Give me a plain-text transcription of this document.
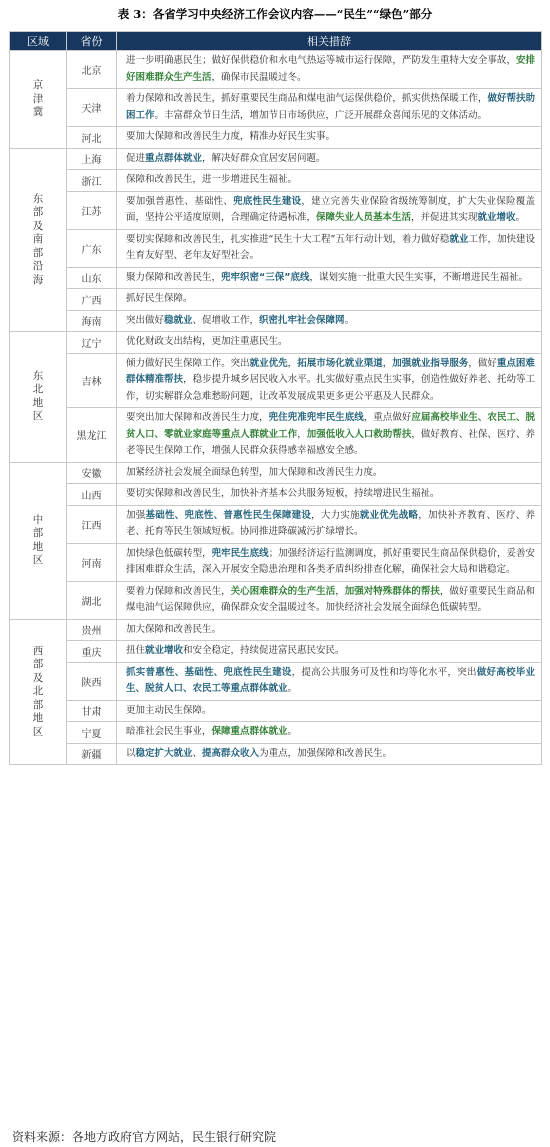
表 3：各省学习中央经济工作会议内容——“民生”“绿色”部分
区域	省份	相关措辞

京津冀	北京	进一步明确惠民生；做好保供稳价和水电气热运等城市运行保障，严防发生重特大安全事故，安排好困难群众生产生活，确保市民温暖过冬。
	天津	着力保障和改善民生，抓好重要民生商品和煤电油气运保供稳价，抓实供热保暖工作，做好帮扶助困工作。丰富群众节日生活，增加节日市场供应，广泛开展群众喜闻乐见的文体活动。
	河北	要加大保障和改善民生力度，精准办好民生实事。

东部及南部沿海	上海	促进重点群体就业，解决好群众宜居安居问题。
	浙江	保障和改善民生，进一步增进民生福祉。
	江苏	要加强普惠性、基础性、兜底性民生建设，建立完善失业保险省级统筹制度，扩大失业保险覆盖面，坚持公平适度原则，合理确定待遇标准，保障失业人员基本生活，并促进其实现就业增收。
	广东	要切实保障和改善民生，扎实推进“民生十大工程”五年行动计划，着力做好稳就业工作，加快建设生育友好型、老年友好型社会。
	山东	聚力保障和改善民生，兜牢织密“三保”底线，谋划实施一批重大民生实事，不断增进民生福祉。
	广西	抓好民生保障。
	海南	突出做好稳就业、促增收工作，织密扎牢社会保障网。

东北地区	辽宁	优化财政支出结构，更加注重惠民生。
	吉林	倾力做好民生保障工作。突出就业优先，拓展市场化就业渠道，加强就业指导服务，做好重点困难群体精准帮扶，稳步提升城乡居民收入水平。扎实做好重点民生实事，创造性做好养老、托幼等工作，切实解群众急难愁盼问题，让改革发展成果更多更公平惠及人民群众。
	黑龙江	要突出加大保障和改善民生力度，兜住兜准兜牢民生底线，重点做好应届高校毕业生、农民工、脱贫人口、零就业家庭等重点人群就业工作，加强低收入人口救助帮扶，做好教育、社保、医疗、养老等民生保障工作，增强人民群众获得感幸福感安全感。

中部地区	安徽	加紧经济社会发展全面绿色转型，加大保障和改善民生力度。
	山西	要切实保障和改善民生，加快补齐基本公共服务短板，持续增进民生福祉。
	江西	加强基础性、兜底性、普惠性民生保障建设，大力实施就业优先战略，加快补齐教育、医疗、养老、托育等民生领域短板。协同推进降碳减污扩绿增长。
	河南	加快绿色低碳转型，兜牢民生底线；加强经济运行监测调度，抓好重要民生商品保供稳价，妥善安排困难群众生活，深入开展安全隐患治理和各类矛盾纠纷排查化解，确保社会大局和谐稳定。
	湖北	要着力保障和改善民生，关心困难群众的生产生活，加强对特殊群体的帮扶，做好重要民生商品和煤电油气运保障供应，确保群众安全温暖过冬。加快经济社会发展全面绿色低碳转型。

西部及北部地区	贵州	加大保障和改善民生。
	重庆	扭住就业增收和安全稳定，持续促进富民惠民安民。
	陕西	抓实普惠性、基础性、兜底性民生建设，提高公共服务可及性和均等化水平，突出做好高校毕业生、脱贫人口、农民工等重点群体就业。
	甘肃	更加主动民生保障。
	宁夏	暗准社会民生事业，保障重点群体就业。
	新疆	以稳定扩大就业、提高群众收入为重点，加强保障和改善民生。
资料来源：各地方政府官方网站，民生银行研究院
